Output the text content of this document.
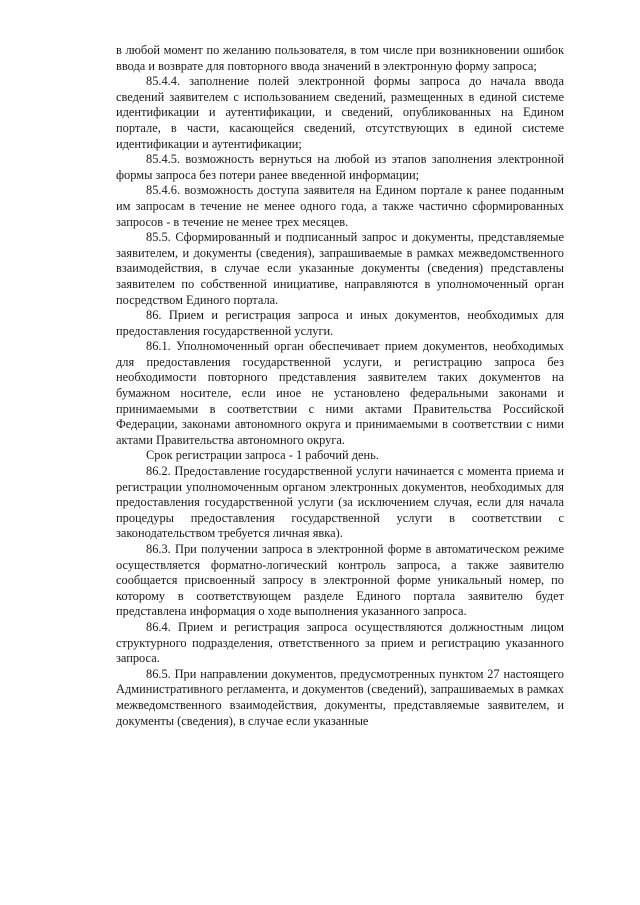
в любой момент по желанию пользователя, в том числе при возникновении ошибок ввода и возврате для повторного ввода значений в электронную форму запроса;

85.4.4. заполнение полей электронной формы запроса до начала ввода сведений заявителем с использованием сведений, размещенных в единой системе идентификации и аутентификации, и сведений, опубликованных на Едином портале, в части, касающейся сведений, отсутствующих в единой системе идентификации и аутентификации;

85.4.5. возможность вернуться на любой из этапов заполнения электронной формы запроса без потери ранее введенной информации;

85.4.6. возможность доступа заявителя на Едином портале к ранее поданным им запросам в течение не менее одного года, а также частично сформированных запросов - в течение не менее трех месяцев.

85.5. Сформированный и подписанный запрос и документы, представляемые заявителем, и документы (сведения), запрашиваемые в рамках межведомственного взаимодействия, в случае если указанные документы (сведения) представлены заявителем по собственной инициативе, направляются в уполномоченный орган посредством Единого портала.

86. Прием и регистрация запроса и иных документов, необходимых для предоставления государственной услуги.

86.1. Уполномоченный орган обеспечивает прием документов, необходимых для предоставления государственной услуги, и регистрацию запроса без необходимости повторного представления заявителем таких документов на бумажном носителе, если иное не установлено федеральными законами и принимаемыми в соответствии с ними актами Правительства Российской Федерации, законами автономного округа и принимаемыми в соответствии с ними актами Правительства автономного округа.

Срок регистрации запроса - 1 рабочий день.

86.2. Предоставление государственной услуги начинается с момента приема и регистрации уполномоченным органом электронных документов, необходимых для предоставления государственной услуги (за исключением случая, если для начала процедуры предоставления государственной услуги в соответствии с законодательством требуется личная явка).

86.3. При получении запроса в электронной форме в автоматическом режиме осуществляется форматно-логический контроль запроса, а также заявителю сообщается присвоенный запросу в электронной форме уникальный номер, по которому в соответствующем разделе Единого портала заявителю будет представлена информация о ходе выполнения указанного запроса.

86.4. Прием и регистрация запроса осуществляются должностным лицом структурного подразделения, ответственного за прием и регистрацию указанного запроса.

86.5. При направлении документов, предусмотренных пунктом 27 настоящего Административного регламента, и документов (сведений), запрашиваемых в рамках межведомственного взаимодействия, документы, представляемые заявителем, и документы (сведения), в случае если указанные
